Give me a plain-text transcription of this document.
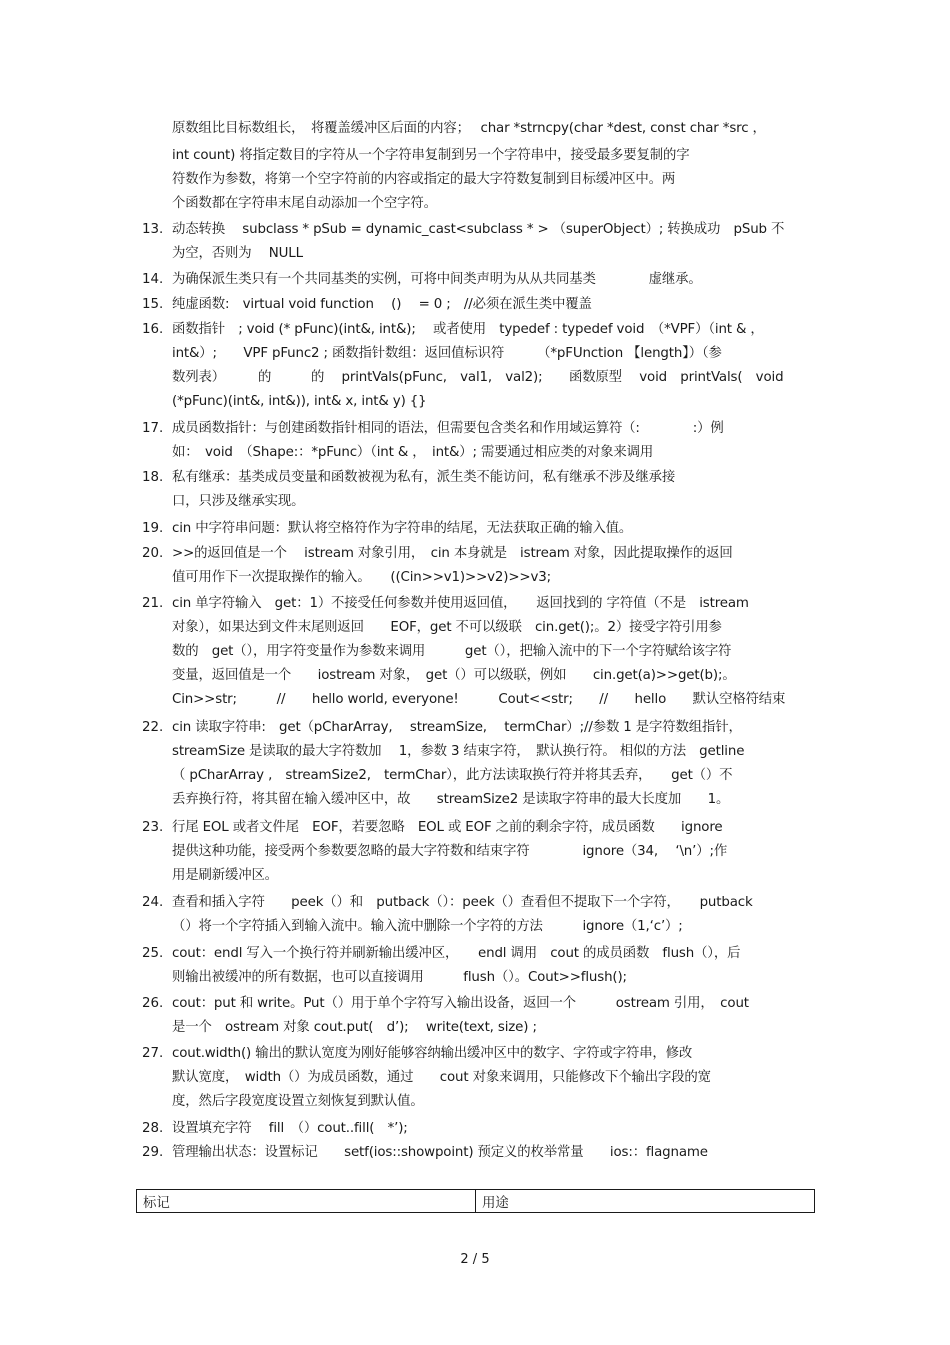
原数组比目标数组长，　将覆盖缓冲区后面的内容；　 char *strncpy(char *dest, const char *src ，
int count) 将指定数目的字符从一个字符串复制到另一个字符串中，接受最多要复制的字
符数作为参数，将第一个空字符前的内容或指定的最大字符数复制到目标缓冲区中。两
个函数都在字符串末尾自动添加一个空字符。
13. 动态转换　 subclass * pSub = dynamic_cast<subclass * > （superObject）; 转换成功　pSub 不
为空，否则为　 NULL
14. 为确保派生类只有一个共同基类的实例，可将中间类声明为从从共同基类　　　　虚继承。
15. 纯虚函数:　virtual void function　 ()　 = 0 ;　//必须在派生类中覆盖
16. 函数指针　; void (* pFunc)(int&, int&);　 或者使用　typedef : typedef void　（*VPF）（int & ，
int&）;　　VPF pFunc2 ; 函数指针数组：返回值标识符　　　（*pFUnction 【length】）（参
数列表）　　　的　　　的　 printVals(pFunc,　val1,　val2);　　函数原型　 void　printVals(　void
(*pFunc)(int&, int&)), int& x, int& y) {}
17. 成员函数指针：与创建函数指针相同的语法，但需要包含类名和作用域运算符（:　　　　:）例
如：　void　（Shape:：*pFunc）（int & ，　int&）; 需要通过相应类的对象来调用
18. 私有继承：基类成员变量和函数被视为私有，派生类不能访问，私有继承不涉及继承接
口，只涉及继承实现。
19. cin 中字符串问题：默认将空格符作为字符串的结尾，无法获取正确的输入值。
20. >>的返回值是一个　 istream 对象引用，　cin 本身就是　istream 对象，因此提取操作的返回
值可用作下一次提取操作的输入。　　((Cin>>v1)>>v2)>>v3;
21. cin 单字符输入　get：1）不接受任何参数并使用返回值，　　返回找到的 字符值（不是　istream
对象），如果达到文件末尾则返回　　EOF，get 不可以级联　cin.get();。2）接受字符引用参
数的　get（），用字符变量作为参数来调用　　　get（），把输入流中的下一个字符赋给该字符
变量，返回值是一个　　iostream 对象，　get（）可以级联，例如　　cin.get(a)>>get(b);。
Cin>>str;　　　//　　hello world, everyone!　　　Cout<<str;　　//　　hello　　默认空格符结束
22. cin 读取字符串:　get（pCharArray,　 streamSize,　 termChar）;//参数 1 是字符数组指针，
streamSize 是读取的最大字符数加　 1，参数 3 结束字符，　默认换行符。 相似的方法　getline
（ pCharArray ,　streamSize2,　termChar），此方法读取换行符并将其丢弃，　　get（）不
丢弃换行符，将其留在输入缓冲区中，故　　streamSize2 是读取字符串的最大长度加　　1。
23. 行尾 EOL 或者文件尾　EOF，若要忽略　EOL 或 EOF 之前的剩余字符，成员函数　　ignore
提供这种功能，接受两个参数要忽略的最大字符数和结束字符　　　　ignore（34,　 ‘\n’）;作
用是刷新缓冲区。
24. 查看和插入字符　　peek（）和　putback（）：peek（）查看但不提取下一个字符，　　putback
（）将一个字符插入到输入流中。输入流中删除一个字符的方法　　　ignore（1,‘c’）;
25. cout：endl 写入一个换行符并刷新输出缓冲区，　　endl 调用　cout 的成员函数　flush（），后
则输出被缓冲的所有数据，也可以直接调用　　　flush（）。Cout>>flush();
26. cout：put 和 write。Put（）用于单个字符写入输出设备，返回一个　　　ostream 引用，　cout
是一个　ostream 对象 cout.put(　d’);　 write(text, size) ;
27. cout.width() 输出的默认宽度为刚好能够容纳输出缓冲区中的数字、字符或字符串，修改
默认宽度，　width（）为成员函数，通过　　cout 对象来调用，只能修改下个输出字段的宽
度，然后字段宽度设置立刻恢复到默认值。
28. 设置填充字符　 fill　（）cout..fill(　*’);
29. 管理输出状态：设置标记　　setf(ios::showpoint) 预定义的枚举常量　　ios:：flagname
标记	用途
2 / 5
